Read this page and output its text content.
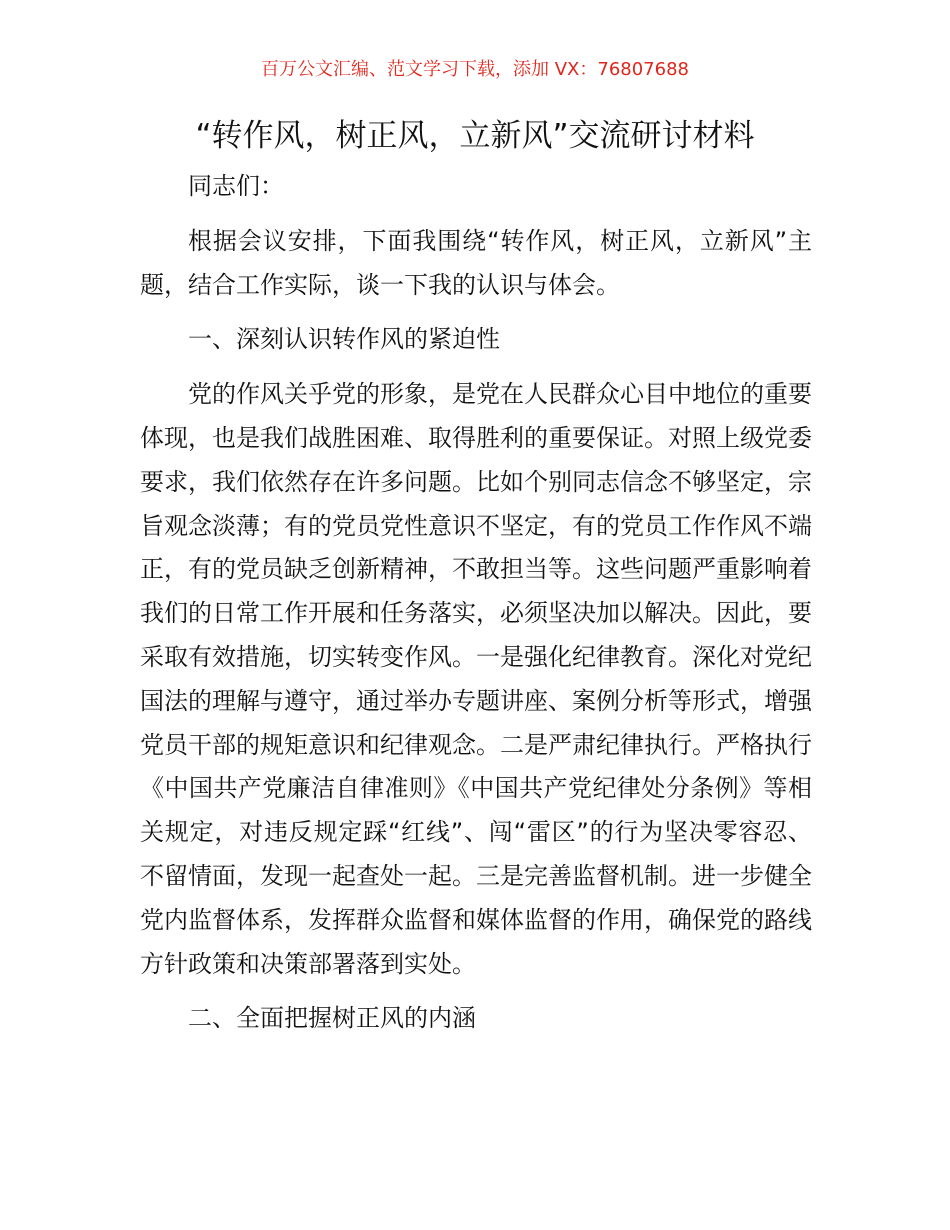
百万公文汇编、范文学习下载，添加 VX：76807688
“转作风，树正风，立新风”交流研讨材料

同志们：

根据会议安排，下面我围绕“转作风，树正风，立新风”主题，结合工作实际，谈一下我的认识与体会。

一、深刻认识转作风的紧迫性

党的作风关乎党的形象，是党在人民群众心目中地位的重要体现，也是我们战胜困难、取得胜利的重要保证。对照上级党委要求，我们依然存在许多问题。比如个别同志信念不够坚定，宗旨观念淡薄；有的党员党性意识不坚定，有的党员工作作风不端正，有的党员缺乏创新精神，不敢担当等。这些问题严重影响着我们的日常工作开展和任务落实，必须坚决加以解决。因此，要采取有效措施，切实转变作风。一是强化纪律教育。深化对党纪国法的理解与遵守，通过举办专题讲座、案例分析等形式，增强党员干部的规矩意识和纪律观念。二是严肃纪律执行。严格执行《中国共产党廉洁自律准则》《中国共产党纪律处分条例》等相关规定，对违反规定踩“红线”、闯“雷区”的行为坚决零容忍、不留情面，发现一起查处一起。三是完善监督机制。进一步健全党内监督体系，发挥群众监督和媒体监督的作用，确保党的路线方针政策和决策部署落到实处。

二、全面把握树正风的内涵
